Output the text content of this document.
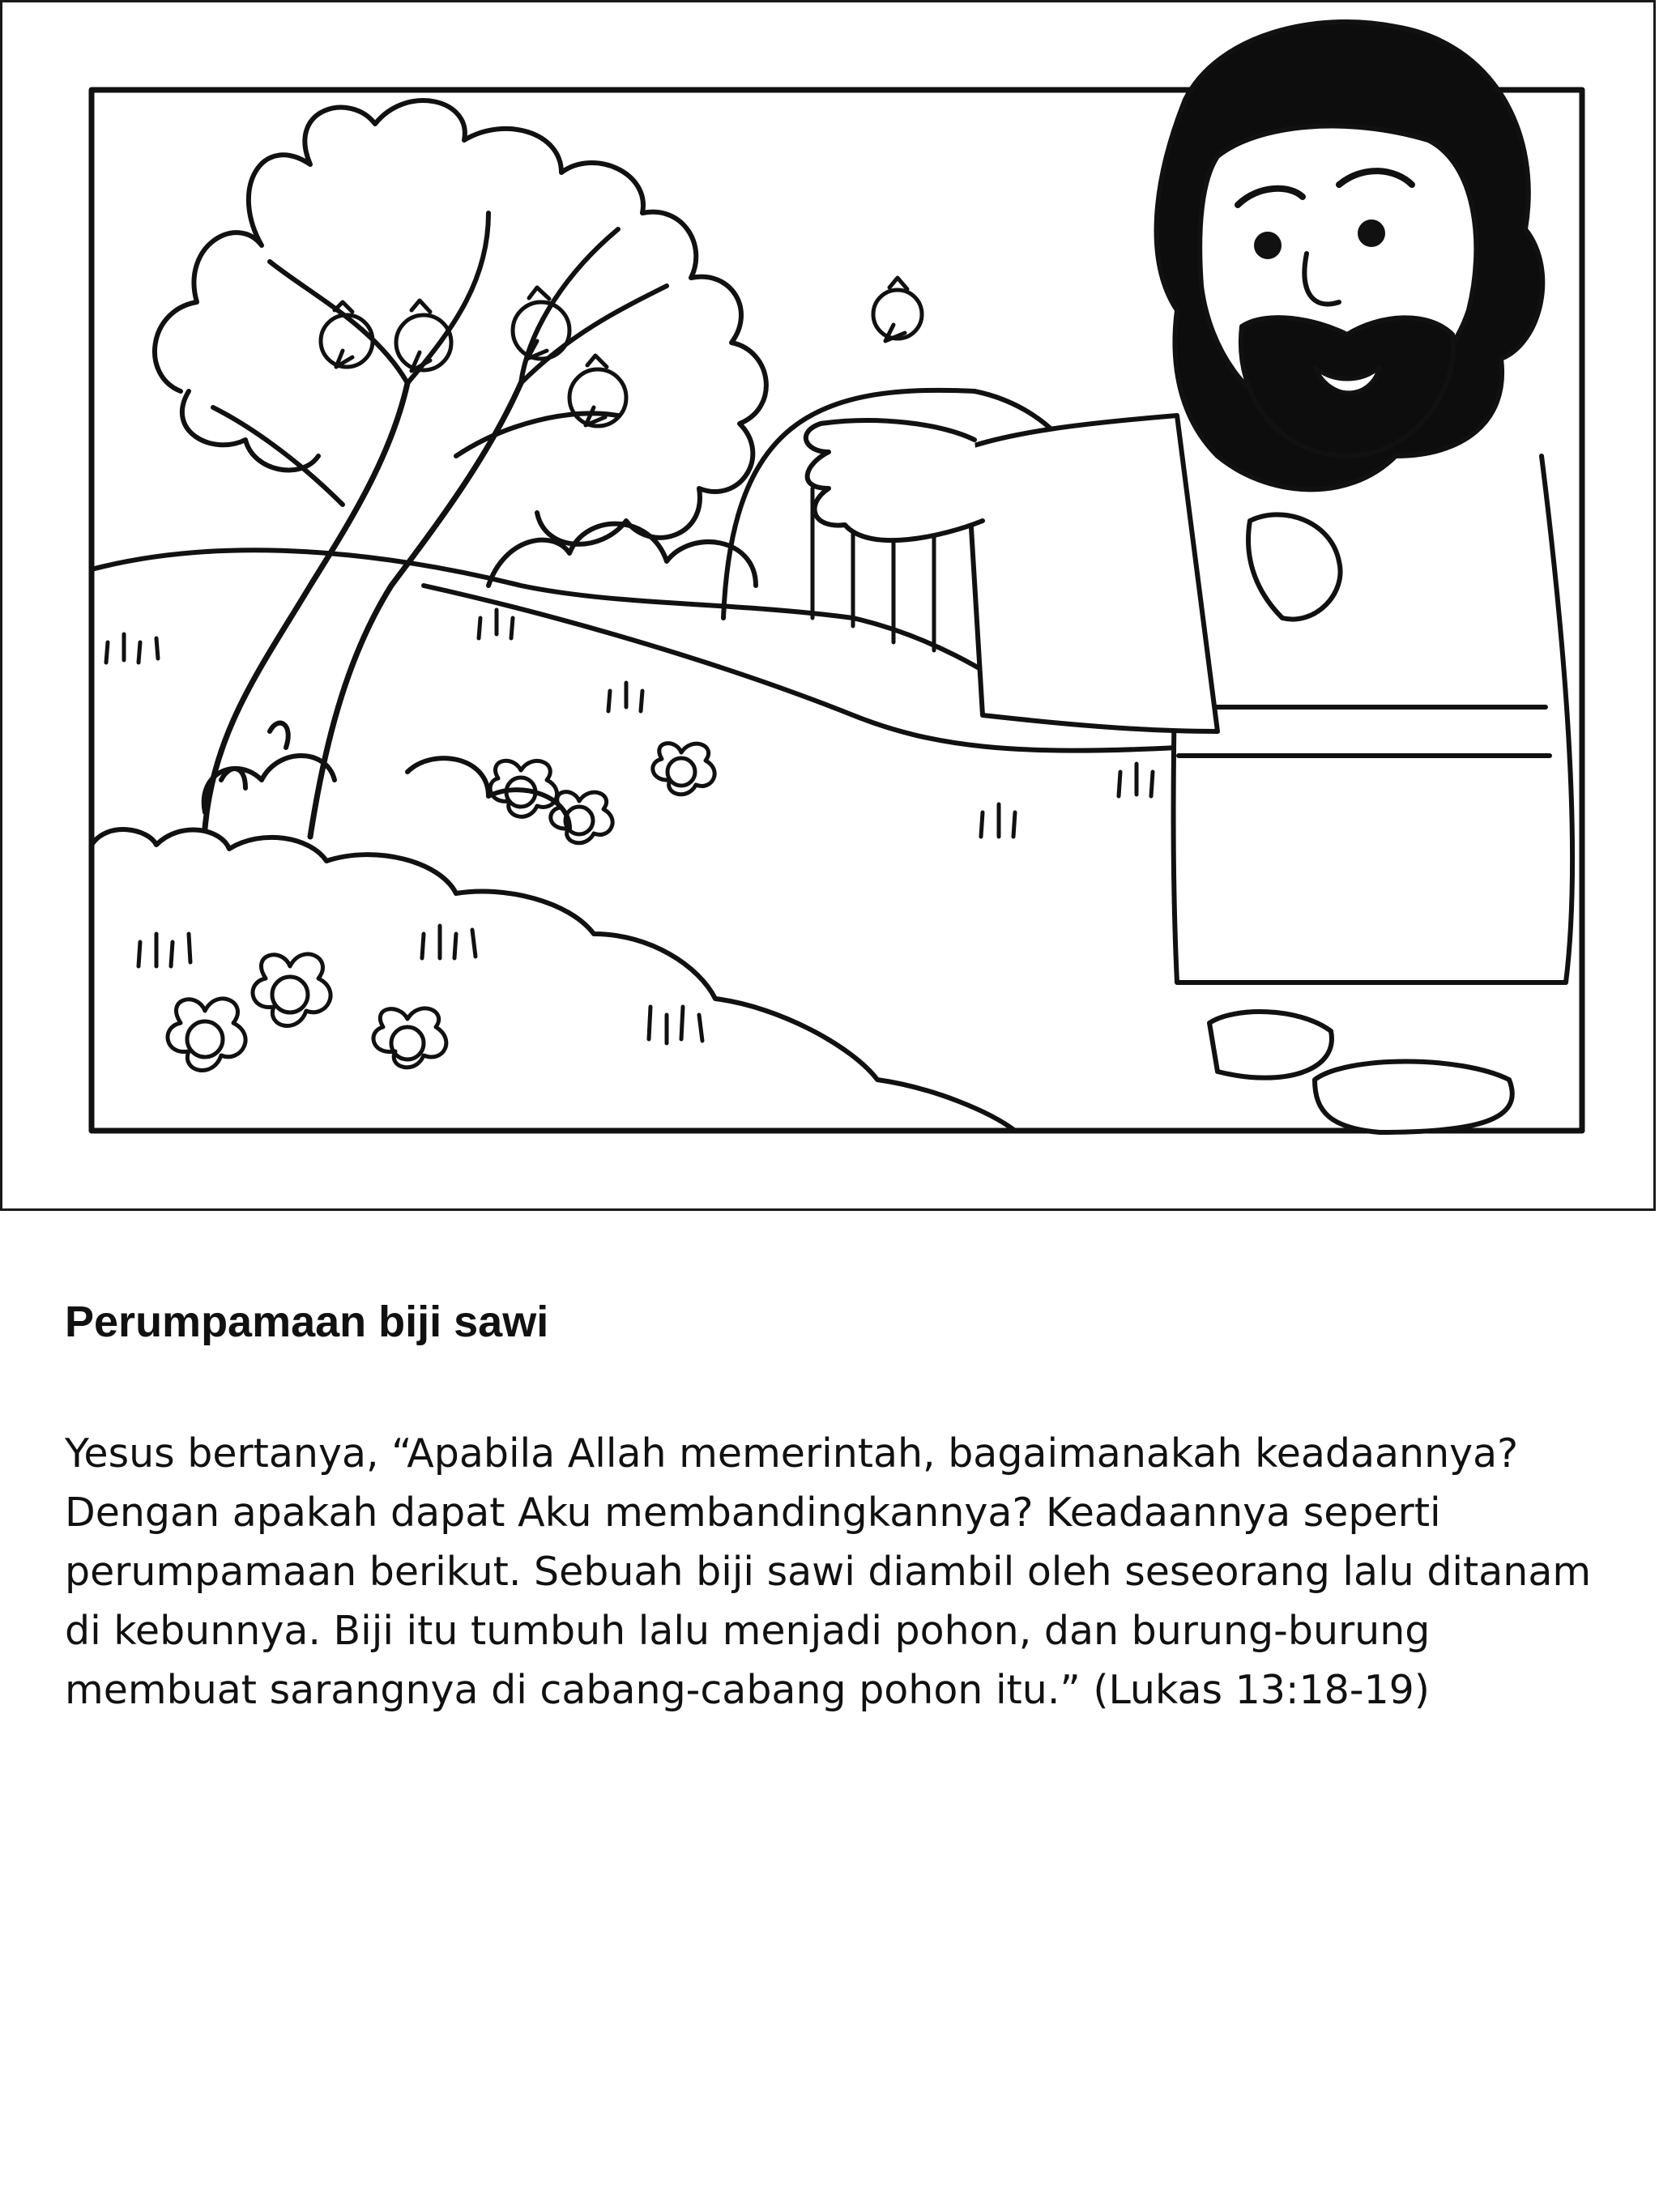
Perumpamaan biji sawi

Yesus bertanya, “Apabila Allah memerintah, bagaimanakah keadaannya?
Dengan apakah dapat Aku membandingkannya? Keadaannya seperti
perumpamaan berikut. Sebuah biji sawi diambil oleh seseorang lalu ditanam
di kebunnya. Biji itu tumbuh lalu menjadi pohon, dan burung-burung
membuat sarangnya di cabang-cabang pohon itu.” (Lukas 13:18-19)
